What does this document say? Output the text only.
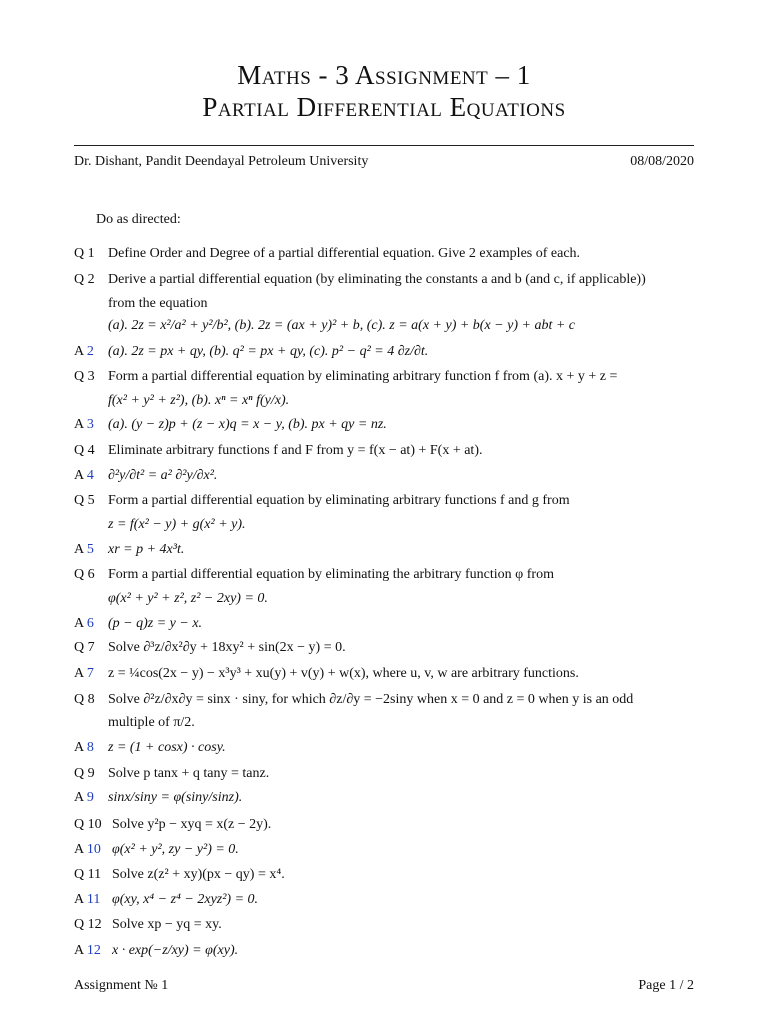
Maths - 3 Assignment – 1
Partial Differential Equations
Dr. Dishant, Pandit Deendayal Petroleum University	08/08/2020
Do as directed:
Q 1 Define Order and Degree of a partial differential equation. Give 2 examples of each.
Q 2 Derive a partial differential equation (by eliminating the constants a and b (and c, if applicable))
from the equation
(a). 2z = x²/a² + y²/b², (b). 2z = (ax + y)² + b, (c). z = a(x + y) + b(x − y) + abt + c
A 2 (a). 2z = px + qy, (b). q² = px + qy, (c). p² − q² = 4 ∂z/∂t.
Q 3 Form a partial differential equation by eliminating arbitrary function f from (a). x + y + z =
f(x² + y² + z²), (b). xⁿ = xⁿ f(y/x).
A 3 (a). (y − z)p + (z − x)q = x − y, (b). px + qy = nz.
Q 4 Eliminate arbitrary functions f and F from y = f(x − at) + F(x + at).
A 4 ∂²y/∂t² = a² ∂²y/∂x².
Q 5 Form a partial differential equation by eliminating arbitrary functions f and g from
z = f(x² − y) + g(x² + y).
A 5 xr = p + 4x³t.
Q 6 Form a partial differential equation by eliminating the arbitrary function φ from
φ(x² + y² + z², z² − 2xy) = 0.
A 6 (p − q)z = y − x.
Q 7 Solve ∂³z/∂x²∂y + 18xy² + sin(2x − y) = 0.
A 7 z = ¼cos(2x − y) − x³y³ + xu(y) + v(y) + w(x), where u, v, w are arbitrary functions.
Q 8 Solve ∂²z/∂x∂y = sinx · siny, for which ∂z/∂y = −2siny when x = 0 and z = 0 when y is an odd
multiple of π/2.
A 8 z = (1 + cosx) · cosy.
Q 9 Solve p tanx + q tany = tanz.
A 9 sinx/siny = φ(siny/sinz).
Q 10 Solve y²p − xyq = x(z − 2y).
A 10 φ(x² + y², zy − y²) = 0.
Q 11 Solve z(z² + xy)(px − qy) = x⁴.
A 11 φ(xy, x⁴ − z⁴ − 2xyz²) = 0.
Q 12 Solve xp − yq = xy.
A 12 x · exp(−z/xy) = φ(xy).
Assignment № 1	Page 1 / 2
